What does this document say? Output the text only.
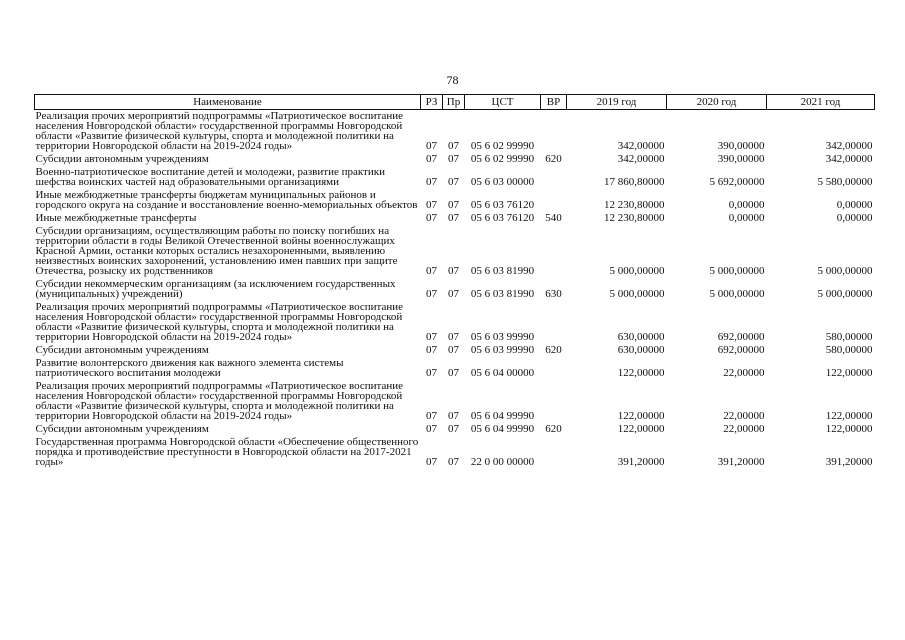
78
Наименование	РЗ	Пр	ЦСТ	ВР	2019 год	2020 год	2021 год
Реализация прочих мероприятий подпрограммы «Патриотическое воспитание населения Новгородской области» государственной программы Новгородской области «Развитие физической культуры, спорта и молодежной политики на территории Новгородской области на 2019-2024 годы»	07	07	05 6 02 99990		342,00000	390,00000	342,00000
Субсидии автономным учреждениям	07	07	05 6 02 99990	620	342,00000	390,00000	342,00000
Военно-патриотическое воспитание детей и молодежи, развитие практики шефства воинских частей над образовательными организациями	07	07	05 6 03 00000		17 860,80000	5 692,00000	5 580,00000
Иные межбюджетные трансферты бюджетам муниципальных районов и городского округа на создание и восстановление военно-мемориальных объектов	07	07	05 6 03 76120		12 230,80000	0,00000	0,00000
Иные межбюджетные трансферты	07	07	05 6 03 76120	540	12 230,80000	0,00000	0,00000
Субсидии организациям, осуществляющим работы по поиску погибших на территории области в годы Великой Отечественной войны военнослужащих Красной Армии, останки которых остались незахороненными, выявлению неизвестных воинских захоронений, установлению имен павших при защите Отечества, розыску их родственников	07	07	05 6 03 81990		5 000,00000	5 000,00000	5 000,00000
Субсидии некоммерческим организациям (за исключением государственных (муниципальных) учреждений)	07	07	05 6 03 81990	630	5 000,00000	5 000,00000	5 000,00000
Реализация прочих мероприятий подпрограммы «Патриотическое воспитание населения Новгородской области» государственной программы Новгородской области «Развитие физической культуры, спорта и молодежной политики на территории Новгородской области на 2019-2024 годы»	07	07	05 6 03 99990		630,00000	692,00000	580,00000
Субсидии автономным учреждениям	07	07	05 6 03 99990	620	630,00000	692,00000	580,00000
Развитие волонтерского движения как важного элемента системы патриотического воспитания молодежи	07	07	05 6 04 00000		122,00000	22,00000	122,00000
Реализация прочих мероприятий подпрограммы «Патриотическое воспитание населения Новгородской области» государственной программы Новгородской области «Развитие физической культуры, спорта и молодежной политики на территории Новгородской области на 2019-2024 годы»	07	07	05 6 04 99990		122,00000	22,00000	122,00000
Субсидии автономным учреждениям	07	07	05 6 04 99990	620	122,00000	22,00000	122,00000
Государственная программа Новгородской области «Обеспечение общественного порядка и противодействие преступности в Новгородской области на 2017-2021 годы»	07	07	22 0 00 00000		391,20000	391,20000	391,20000
